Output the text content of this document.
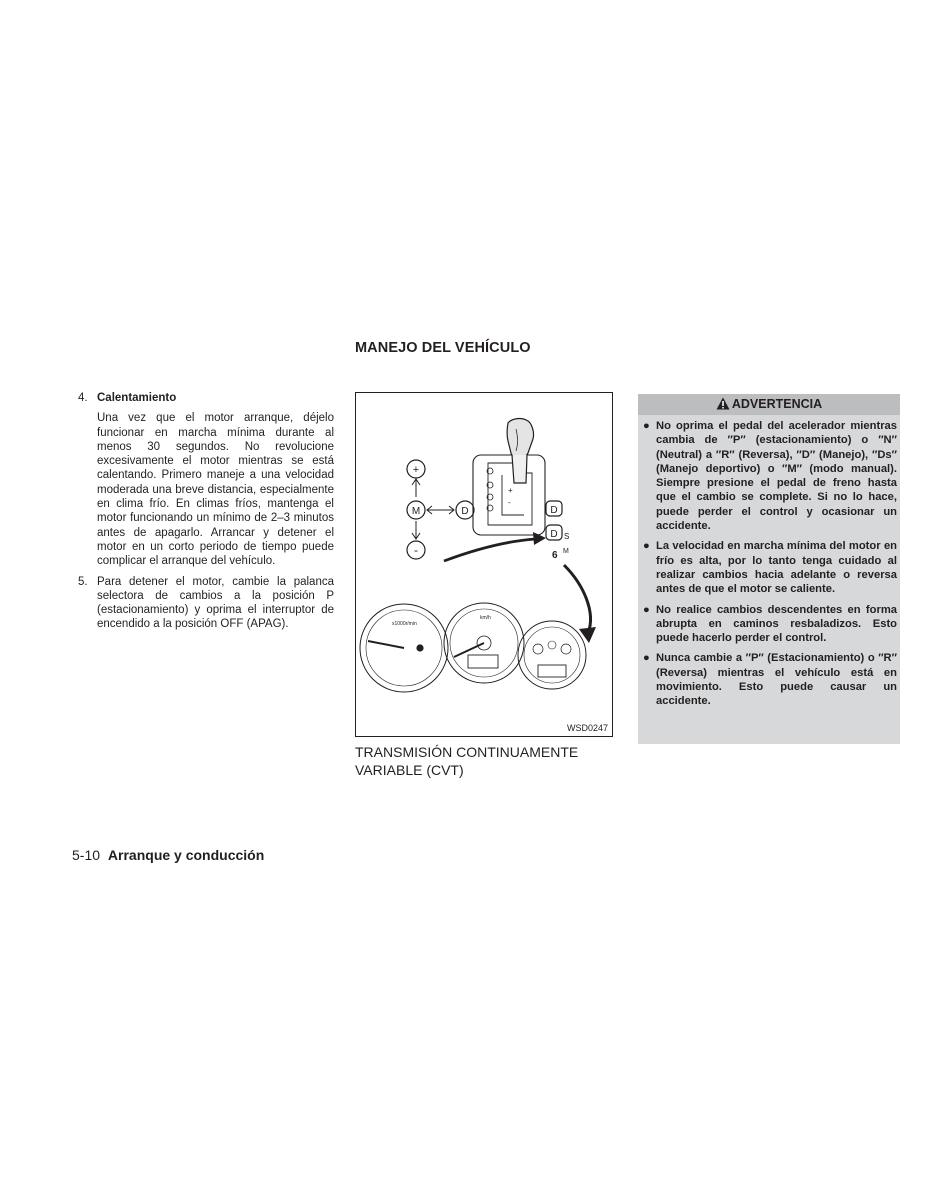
MANEJO DEL VEHÍCULO
4. Calentamiento
Una vez que el motor arranque, déjelo funcionar en marcha mínima durante al menos 30 segundos. No revolucione excesivamente el motor mientras se está calentando. Primero maneje a una velocidad moderada una breve distancia, especialmente en clima frío. En climas fríos, mantenga el motor funcionando un mínimo de 2–3 minutos antes de apagarlo. Arrancar y detener el motor en un corto periodo de tiempo puede complicar el arranque del vehículo.
5. Para detener el motor, cambie la palanca selectora de cambios a la posición P (estacionamiento) y oprima el interruptor de encendido a la posición OFF (APAG).
+
-
+
M
-
D	D
D S
6 M
x1000r/min
km/h
WSD0247
TRANSMISIÓN CONTINUAMENTE VARIABLE (CVT)
ADVERTENCIA
● No oprima el pedal del acelerador mientras cambia de ″P″ (estacionamiento) o ″N″ (Neutral) a ″R″ (Reversa), ″D″ (Manejo), ″Ds″ (Manejo deportivo) o ″M″ (modo manual). Siempre presione el pedal de freno hasta que el cambio se complete. Si no lo hace, puede perder el control y ocasionar un accidente.
● La velocidad en marcha mínima del motor en frío es alta, por lo tanto tenga cuidado al realizar cambios hacia adelante o reversa antes de que el motor se caliente.
● No realice cambios descendentes en forma abrupta en caminos resbaladizos. Esto puede hacerlo perder el control.
● Nunca cambie a ″P″ (Estacionamiento) o ″R″ (Reversa) mientras el vehículo está en movimiento. Esto puede causar un accidente.
5-10 Arranque y conducción
